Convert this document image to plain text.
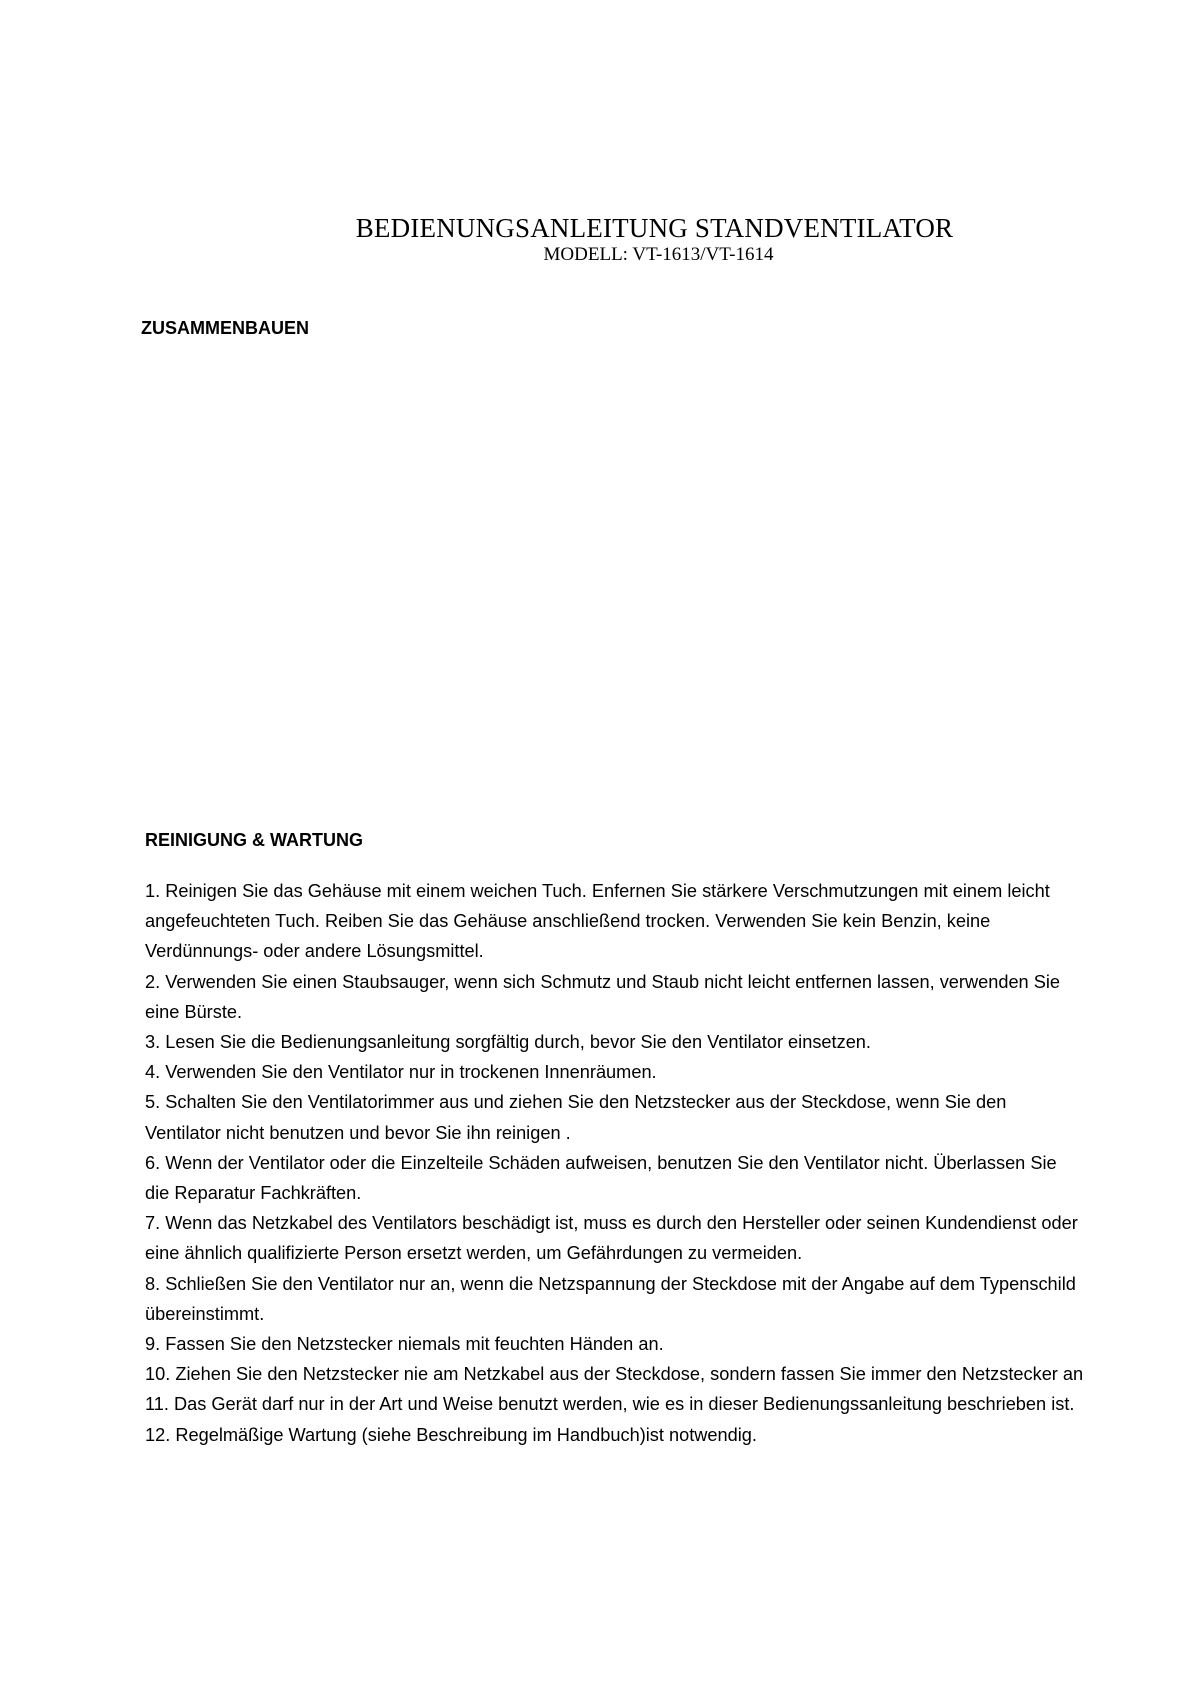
BEDIENUNGSANLEITUNG STANDVENTILATOR

MODELL: VT-1613/VT-1614

ZUSAMMENBAUEN
REINIGUNG & WARTUNG
1. Reinigen Sie das Gehäuse mit einem weichen Tuch. Enfernen Sie stärkere Verschmutzungen mit einem leicht angefeuchteten Tuch. Reiben Sie das Gehäuse anschließend trocken. Verwenden Sie kein Benzin, keine Verdünnungs- oder andere Lösungsmittel.
2. Verwenden Sie einen Staubsauger, wenn sich Schmutz und Staub nicht leicht entfernen lassen, verwenden Sie eine Bürste.
3. Lesen Sie die Bedienungsanleitung sorgfältig durch, bevor Sie den Ventilator einsetzen.
4. Verwenden Sie den Ventilator nur in trockenen Innenräumen.
5. Schalten Sie den Ventilatorimmer aus und ziehen Sie den Netzstecker aus der Steckdose, wenn Sie den Ventilator nicht benutzen und bevor Sie ihn reinigen .
6. Wenn der Ventilator oder die Einzelteile Schäden aufweisen, benutzen Sie den Ventilator nicht. Überlassen Sie die Reparatur Fachkräften.
7. Wenn das Netzkabel des Ventilators beschädigt ist, muss es durch den Hersteller oder seinen Kundendienst oder eine ähnlich qualifizierte Person ersetzt werden, um Gefährdungen zu vermeiden.
8. Schließen Sie den Ventilator nur an, wenn die Netzspannung der Steckdose mit der Angabe auf dem Typenschild übereinstimmt.
9. Fassen Sie den Netzstecker niemals mit feuchten Händen an.
10. Ziehen Sie den Netzstecker nie am Netzkabel aus der Steckdose, sondern fassen Sie immer den Netzstecker an
11. Das Gerät darf nur in der Art und Weise benutzt werden, wie es in dieser Bedienungssanleitung beschrieben ist.
12. Regelmäßige Wartung (siehe Beschreibung im Handbuch)ist notwendig.
